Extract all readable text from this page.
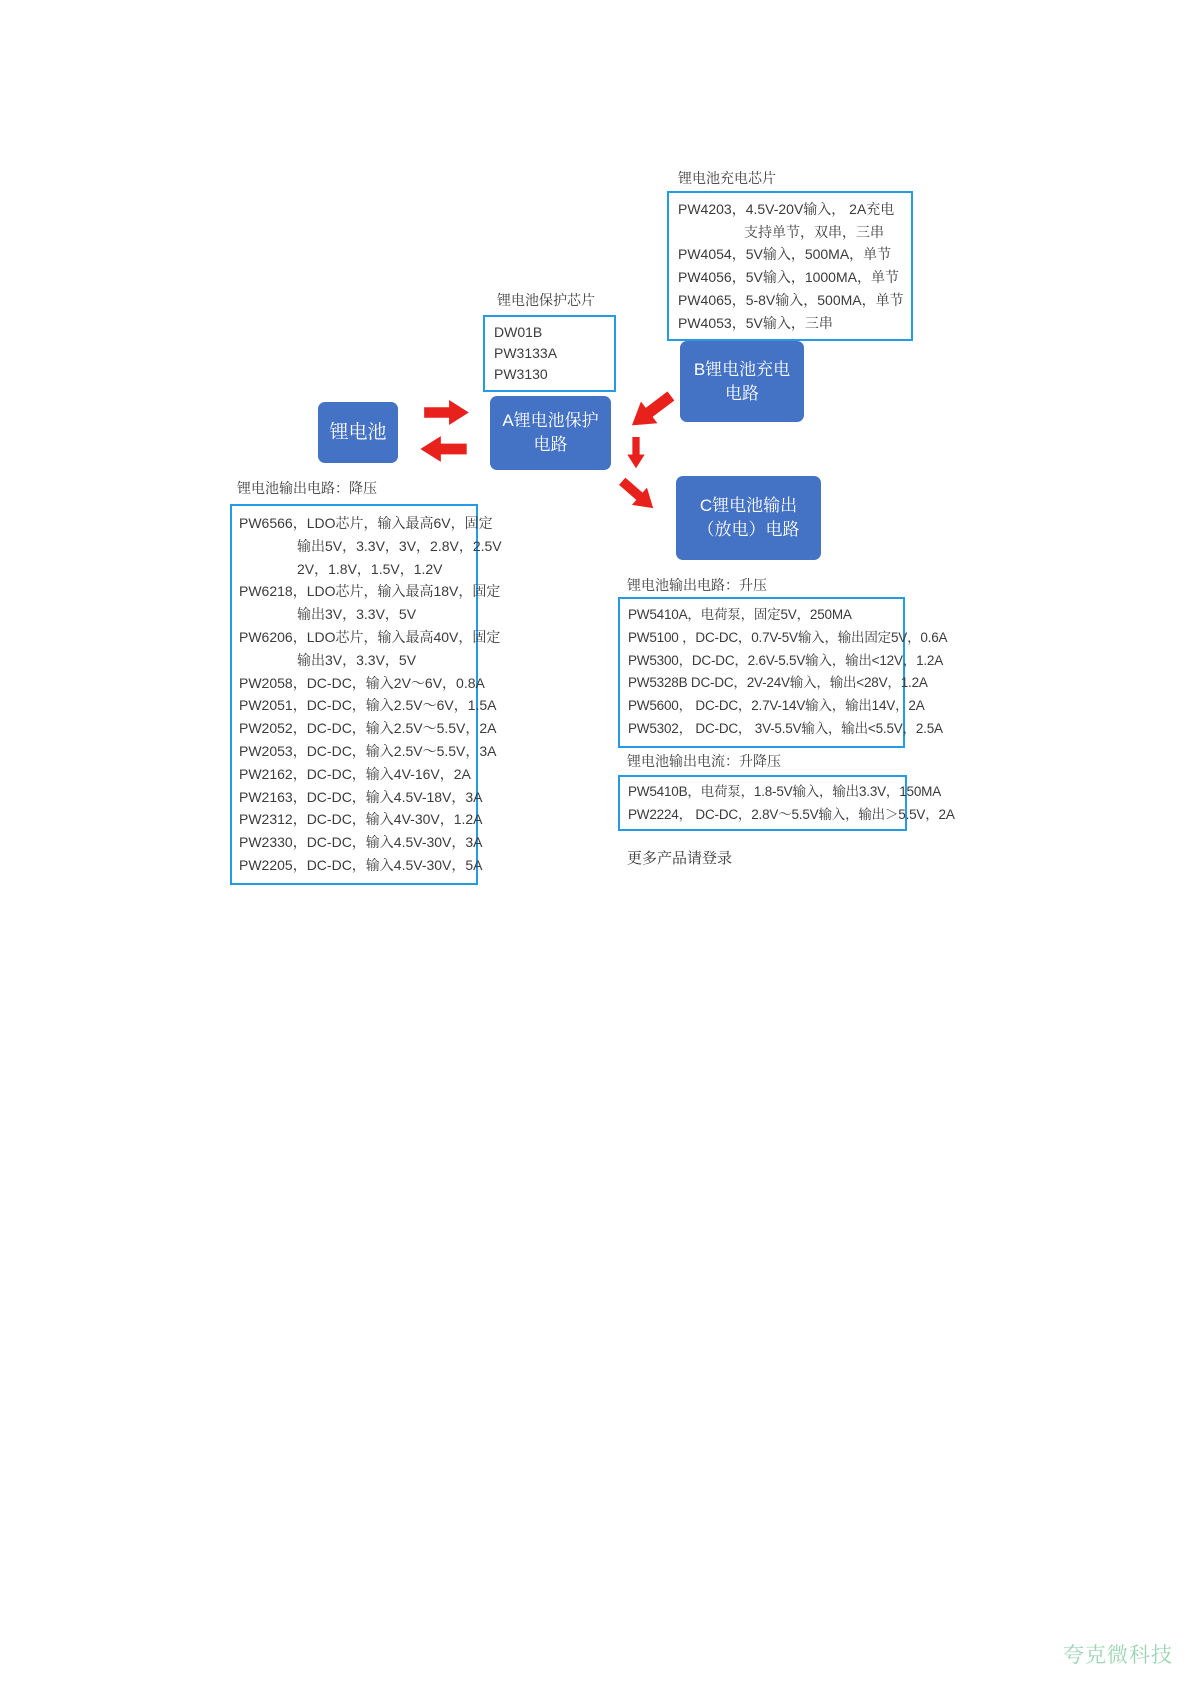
锂电池充电芯片
锂电池保护芯片
锂电池输出电路：降压
锂电池输出电路：升压
锂电池输出电流：升降压
PW4203，4.5V-20V输入， 2A充电
支持单节，双串，三串
PW4054，5V输入，500MA，单节
PW4056，5V输入，1000MA，单节
PW4065，5-8V输入，500MA，单节
PW4053，5V输入，三串
DW01B
PW3133A
PW3130
PW6566，LDO芯片，输入最高6V，固定
输出5V，3.3V，3V，2.8V，2.5V
2V，1.8V，1.5V，1.2V
PW6218，LDO芯片，输入最高18V，固定
输出3V，3.3V，5V
PW6206，LDO芯片，输入最高40V，固定
输出3V，3.3V，5V
PW2058，DC-DC，输入2V～6V，0.8A
PW2051，DC-DC，输入2.5V～6V，1.5A
PW2052，DC-DC，输入2.5V～5.5V，2A
PW2053，DC-DC，输入2.5V～5.5V，3A
PW2162，DC-DC，输入4V-16V，2A
PW2163，DC-DC，输入4.5V-18V，3A
PW2312，DC-DC，输入4V-30V，1.2A
PW2330，DC-DC，输入4.5V-30V，3A
PW2205，DC-DC，输入4.5V-30V，5A
PW5410A，电荷泵，固定5V，250MA
PW5100 ，DC-DC，0.7V-5V输入，输出固定5V，0.6A
PW5300，DC-DC，2.6V-5.5V输入，输出<12V，1.2A
PW5328B DC-DC，2V-24V输入，输出<28V，1.2A
PW5600， DC-DC，2.7V-14V输入，输出14V，2A
PW5302， DC-DC， 3V-5.5V输入，输出<5.5V，2.5A
PW5410B，电荷泵，1.8-5V输入，输出3.3V，150MA
PW2224， DC-DC，2.8V～5.5V输入，输出＞5.5V，2A
锂电池
A锂电池保护
电路
B锂电池充电
电路
C锂电池输出
（放电）电路
更多产品请登录
夸克微科技
